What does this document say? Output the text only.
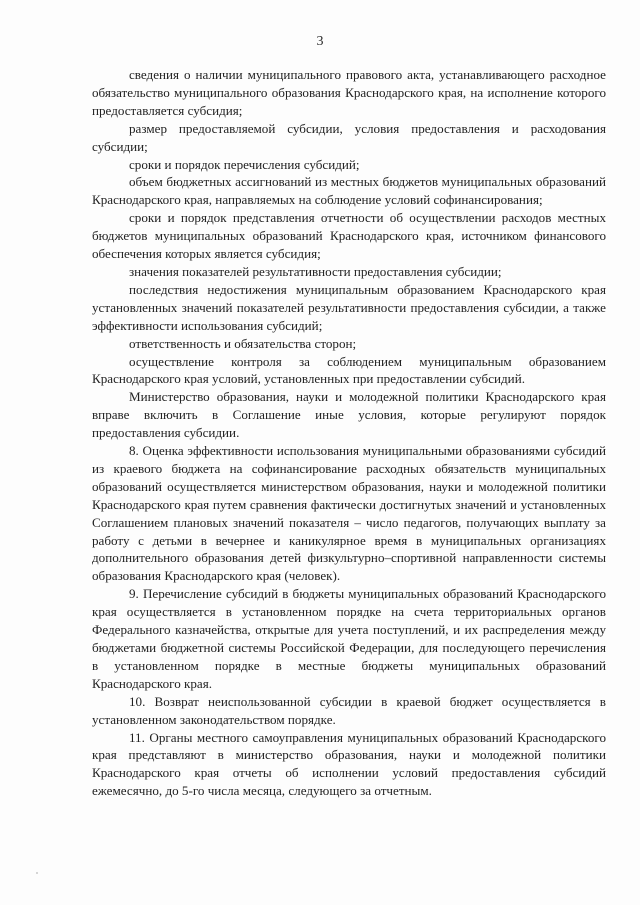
3

сведения о наличии муниципального правового акта, устанавливающего расходное обязательство муниципального образования Краснодарского края, на исполнение которого предоставляется субсидия;

размер предоставляемой субсидии, условия предоставления и расходования субсидии;

сроки и порядок перечисления субсидий;

объем бюджетных ассигнований из местных бюджетов муниципальных образований Краснодарского края, направляемых на соблюдение условий софинансирования;

сроки и порядок представления отчетности об осуществлении расходов местных бюджетов муниципальных образований Краснодарского края, источником финансового обеспечения которых является субсидия;

значения показателей результативности предоставления субсидии;

последствия недостижения муниципальным образованием Краснодарского края установленных значений показателей результативности предоставления субсидии, а также эффективности использования субсидий;

ответственность и обязательства сторон;

осуществление контроля за соблюдением муниципальным образованием Краснодарского края условий, установленных при предоставлении субсидий.

Министерство образования, науки и молодежной политики Краснодарского края вправе включить в Соглашение иные условия, которые регулируют порядок предоставления субсидии.

8. Оценка эффективности использования муниципальными образованиями субсидий из краевого бюджета на софинансирование расходных обязательств муниципальных образований осуществляется министерством образования, науки и молодежной политики Краснодарского края путем сравнения фактически достигнутых значений и установленных Соглашением плановых значений показателя – число педагогов, получающих выплату за работу с детьми в вечернее и каникулярное время в муниципальных организациях дополнительного образования детей физкультурно–спортивной направленности системы образования Краснодарского края (человек).

9. Перечисление субсидий в бюджеты муниципальных образований Краснодарского края осуществляется в установленном порядке на счета территориальных органов Федерального казначейства, открытые для учета поступлений, и их распределения между бюджетами бюджетной системы Российской Федерации, для последующего перечисления в установленном порядке в местные бюджеты муниципальных образований Краснодарского края.

10. Возврат неиспользованной субсидии в краевой бюджет осуществляется в установленном законодательством порядке.

11. Органы местного самоуправления муниципальных образований Краснодарского края представляют в министерство образования, науки и молодежной политики Краснодарского края отчеты об исполнении условий предоставления субсидий ежемесячно, до 5-го числа месяца, следующего за отчетным.
